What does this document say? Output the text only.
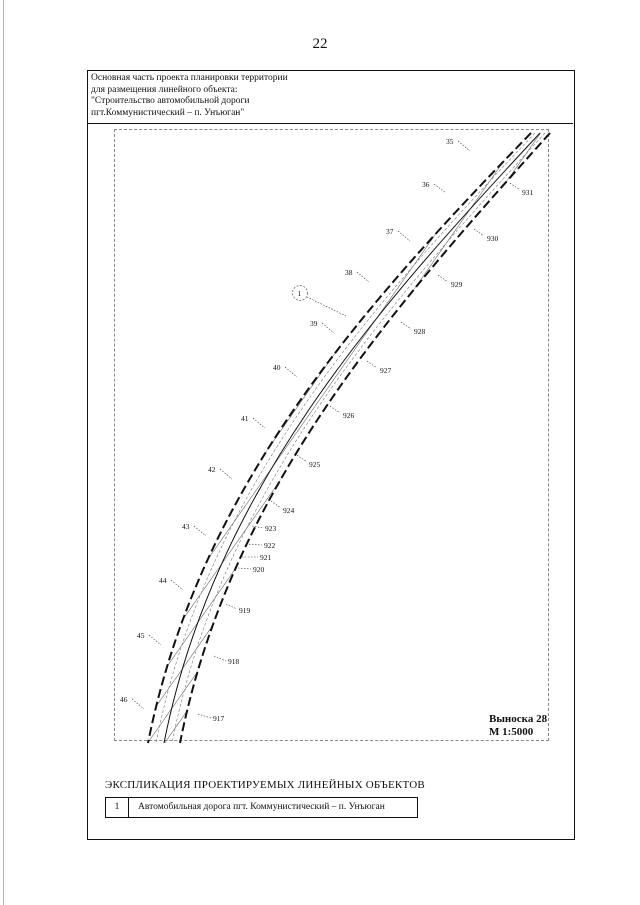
22
Основная часть проекта планировки территории
для размещения линейного объекта:
"Строительство автомобильной дороги
пгт.Коммунистический – п. Унъюган"
35
36
37
38
39
40
41
42
43
44
45
46
931
930
929
928
927
926
925
924
923
922
921
920
919
918
917
1
Выноска 28
М 1:5000
ЭКСПЛИКАЦИЯ ПРОЕКТИРУЕМЫХ ЛИНЕЙНЫХ ОБЪЕКТОВ
1	Автомобильная дорога пгт. Коммунистический – п. Унъюган
